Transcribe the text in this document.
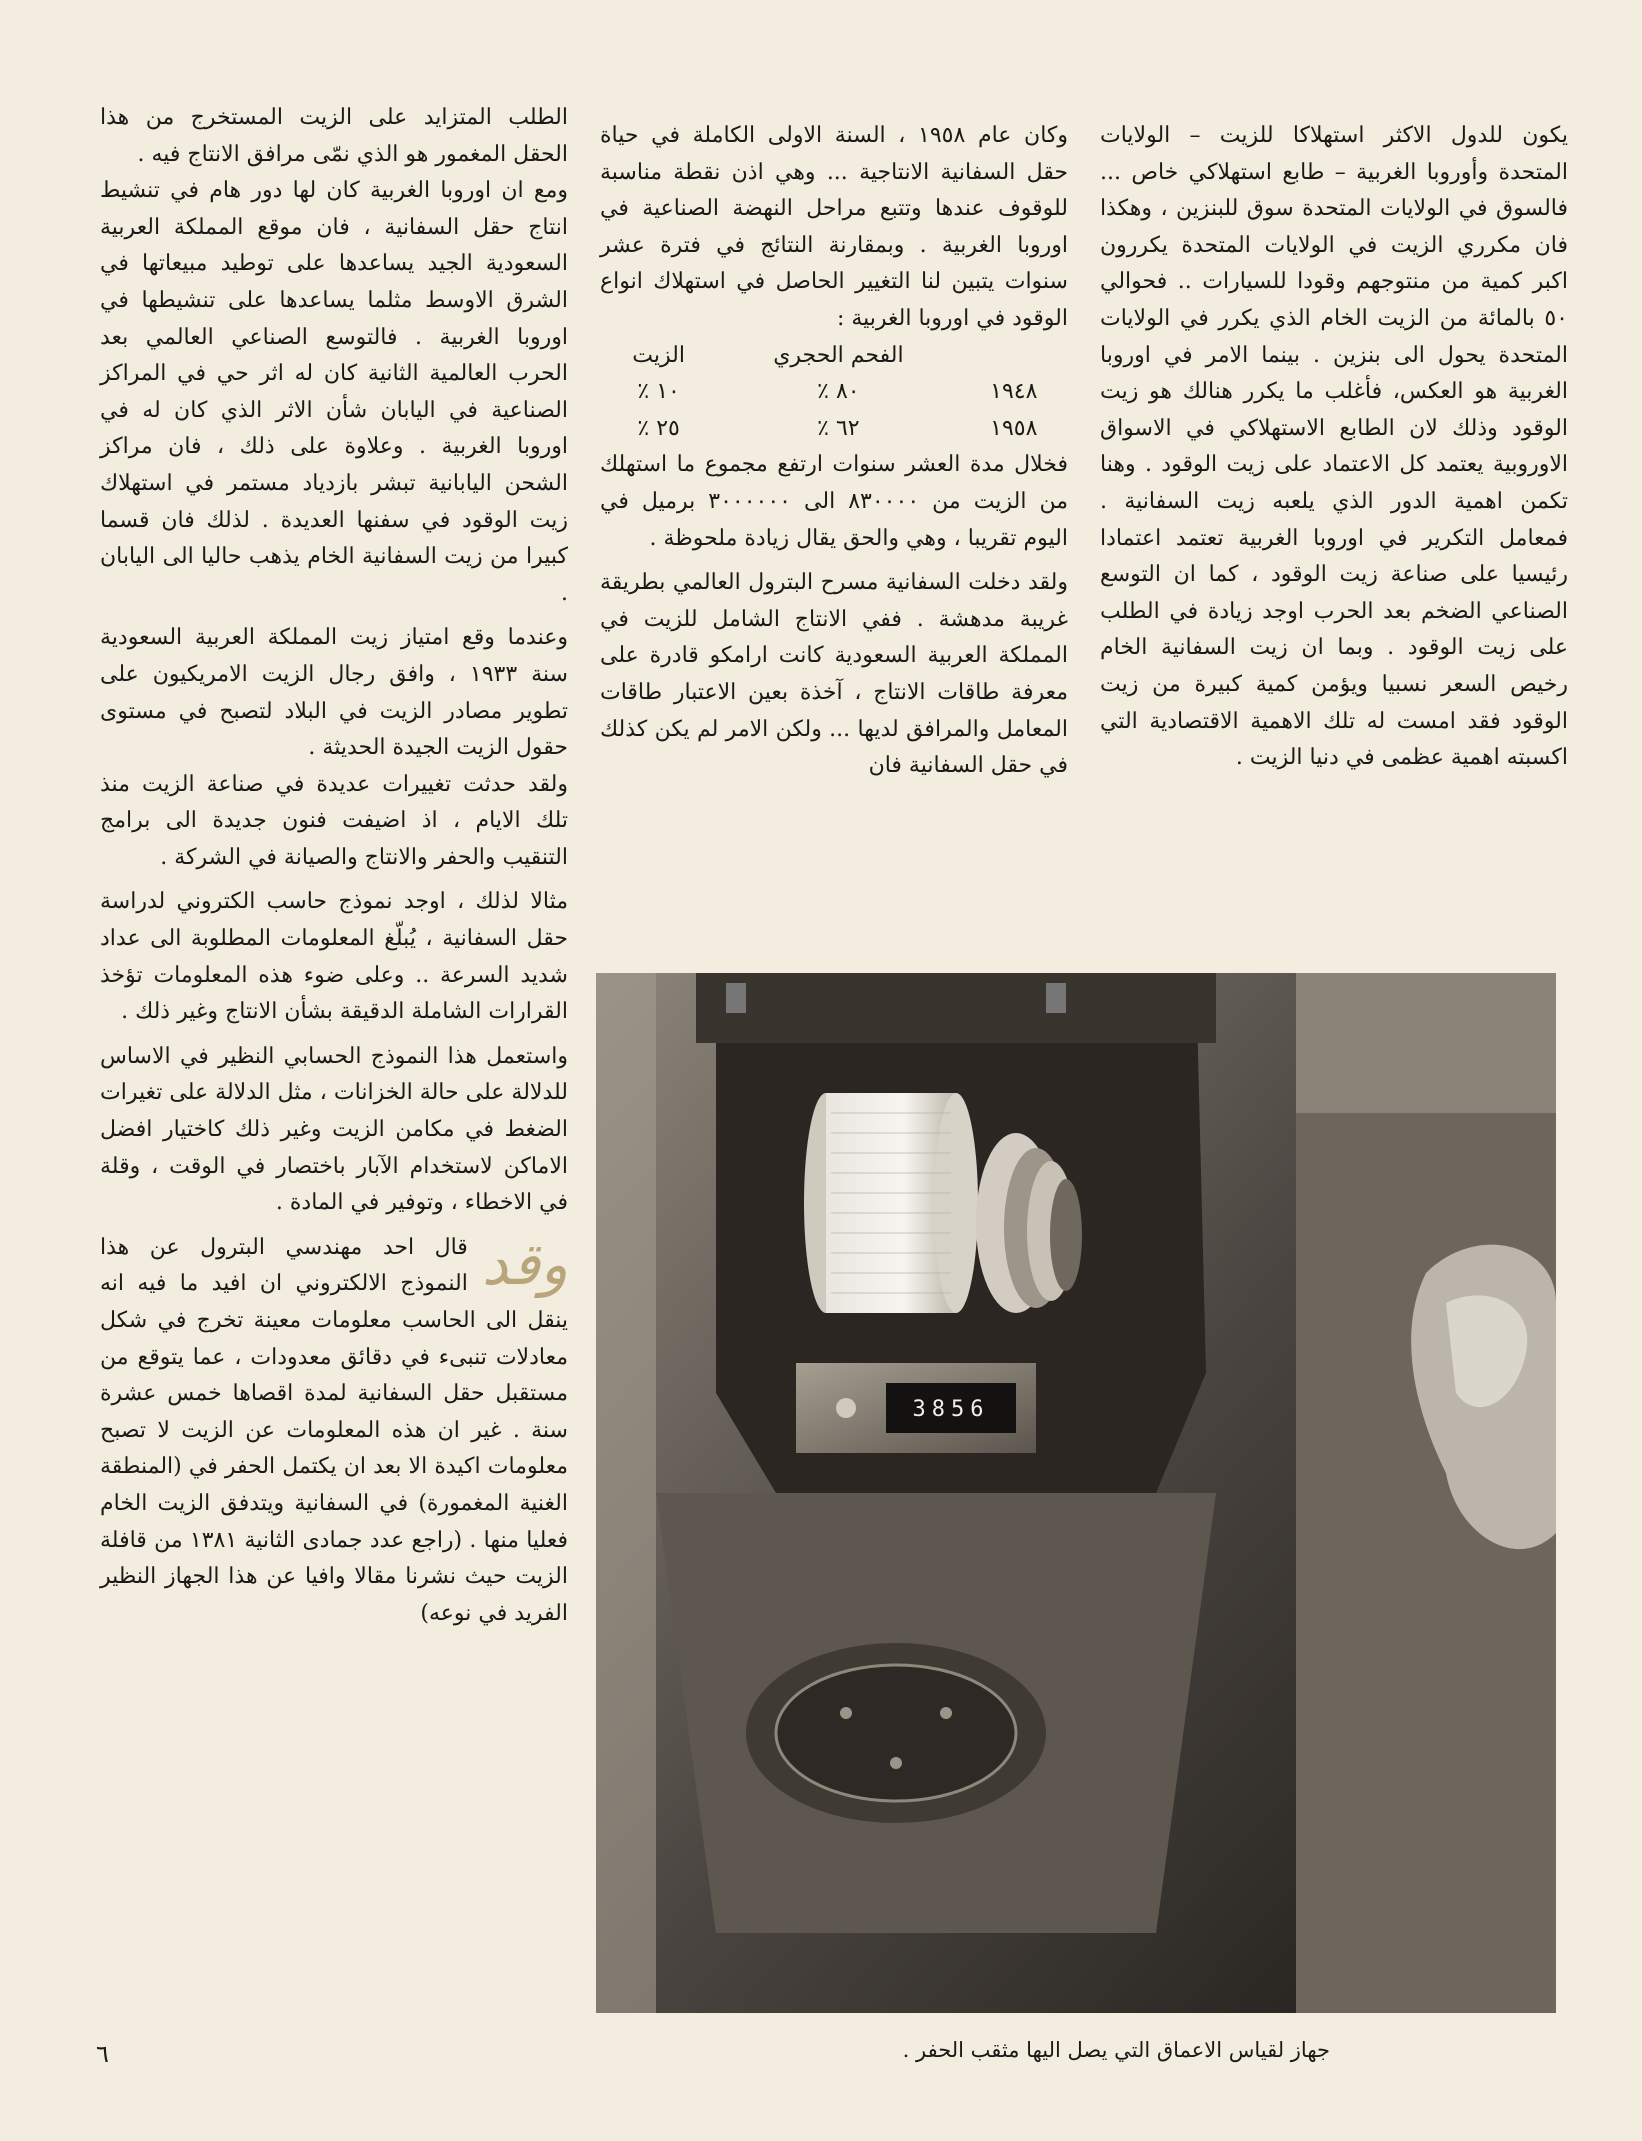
يكون للدول الاكثر استهلاكا للزيت – الولايات المتحدة وأوروبا الغربية – طابع استهلاكي خاص ... فالسوق في الولايات المتحدة سوق للبنزين ، وهكذا فان مكرري الزيت في الولايات المتحدة يكررون اكبر كمية من منتوجهم وقودا للسيارات .. فحوالي ٥٠ بالمائة من الزيت الخام الذي يكرر في الولايات المتحدة يحول الى بنزين . بينما الامر في اوروبا الغربية هو العكس، فأغلب ما يكرر هنالك هو زيت الوقود وذلك لان الطابع الاستهلاكي في الاسواق الاوروبية يعتمد كل الاعتماد على زيت الوقود . وهنا تكمن اهمية الدور الذي يلعبه زيت السفانية . فمعامل التكرير في اوروبا الغربية تعتمد اعتمادا رئيسيا على صناعة زيت الوقود ، كما ان التوسع الصناعي الضخم بعد الحرب اوجد زيادة في الطلب على زيت الوقود . وبما ان زيت السفانية الخام رخيص السعر نسبيا ويؤمن كمية كبيرة من زيت الوقود فقد امست له تلك الاهمية الاقتصادية التي اكسبته اهمية عظمى في دنيا الزيت .

وكان عام ١٩٥٨ ، السنة الاولى الكاملة في حياة حقل السفانية الانتاجية ... وهي اذن نقطة مناسبة للوقوف عندها وتتبع مراحل النهضة الصناعية في اوروبا الغربية . وبمقارنة النتائج في فترة عشر سنوات يتبين لنا التغيير الحاصل في استهلاك انواع الوقود في اوروبا الغربية :

	الفحم الحجري	الزيت
١٩٤٨	٨٠ ٪	١٠ ٪
١٩٥٨	٦٢ ٪	٢٥ ٪

فخلال مدة العشر سنوات ارتفع مجموع ما استهلك من الزيت من ٨٣٠٠٠٠ الى ٣٠٠٠٠٠٠ برميل في اليوم تقريبا ، وهي والحق يقال زيادة ملحوظة .

ولقد دخلت السفانية مسرح البترول العالمي بطريقة غريبة مدهشة . ففي الانتاج الشامل للزيت في المملكة العربية السعودية كانت ارامكو قادرة على معرفة طاقات الانتاج ، آخذة بعين الاعتبار طاقات المعامل والمرافق لديها ... ولكن الامر لم يكن كذلك في حقل السفانية فان

الطلب المتزايد على الزيت المستخرج من هذا الحقل المغمور هو الذي نمّى مرافق الانتاج فيه .

ومع ان اوروبا الغربية كان لها دور هام في تنشيط انتاج حقل السفانية ، فان موقع المملكة العربية السعودية الجيد يساعدها على توطيد مبيعاتها في الشرق الاوسط مثلما يساعدها على تنشيطها في اوروبا الغربية . فالتوسع الصناعي العالمي بعد الحرب العالمية الثانية كان له اثر حي في المراكز الصناعية في اليابان شأن الاثر الذي كان له في اوروبا الغربية . وعلاوة على ذلك ، فان مراكز الشحن اليابانية تبشر بازدياد مستمر في استهلاك زيت الوقود في سفنها العديدة . لذلك فان قسما كبيرا من زيت السفانية الخام يذهب حاليا الى اليابان .

وعندما وقع امتياز زيت المملكة العربية السعودية سنة ١٩٣٣ ، وافق رجال الزيت الامريكيون على تطوير مصادر الزيت في البلاد لتصبح في مستوى حقول الزيت الجيدة الحديثة .

ولقد حدثت تغييرات عديدة في صناعة الزيت منذ تلك الايام ، اذ اضيفت فنون جديدة الى برامج التنقيب والحفر والانتاج والصيانة في الشركة .

مثالا لذلك ، اوجد نموذج حاسب الكتروني لدراسة حقل السفانية ، يُبلّغ المعلومات المطلوبة الى عداد شديد السرعة .. وعلى ضوء هذه المعلومات تؤخذ القرارات الشاملة الدقيقة بشأن الانتاج وغير ذلك .

واستعمل هذا النموذج الحسابي النظير في الاساس للدلالة على حالة الخزانات ، مثل الدلالة على تغيرات الضغط في مكامن الزيت وغير ذلك كاختيار افضل الاماكن لاستخدام الآبار باختصار في الوقت ، وقلة في الاخطاء ، وتوفير في المادة .

وقد
قال احد مهندسي البترول عن هذا النموذج الالكتروني ان افيد ما فيه انه ينقل الى الحاسب معلومات معينة تخرج في شكل معادلات تنبىء في دقائق معدودات ، عما يتوقع من مستقبل حقل السفانية لمدة اقصاها خمس عشرة سنة . غير ان هذه المعلومات عن الزيت لا تصبح معلومات اكيدة الا بعد ان يكتمل الحفر في (المنطقة الغنية المغمورة) في السفانية ويتدفق الزيت الخام فعليا منها . (راجع عدد جمادى الثانية ١٣٨١ من قافلة الزيت حيث نشرنا مقالا وافيا عن هذا الجهاز النظير الفريد في نوعه)

3856
جهاز لقياس الاعماق التي يصل اليها مثقب الحفر .
٦
